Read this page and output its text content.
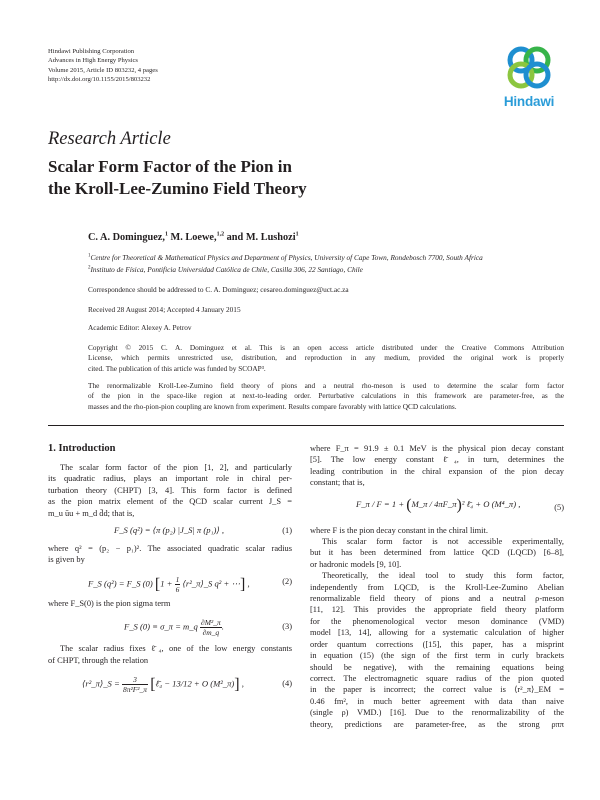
Hindawi Publishing Corporation
Advances in High Energy Physics
Volume 2015, Article ID 803232, 4 pages
http://dx.doi.org/10.1155/2015/803232
Hindawi
Research Article
Scalar Form Factor of the Pion in
the Kroll-Lee-Zumino Field Theory
C. A. Dominguez,$^1$ M. Loewe,$^{1,2}$ and M. Lushozi$^1$
$^1$Centre for Theoretical & Mathematical Physics and Department of Physics, University of Cape Town, Rondebosch 7700, South Africa
$^2$Instituto de Física, Pontificia Universidad Católica de Chile, Casilla 306, 22 Santiago, Chile
Correspondence should be addressed to C. A. Dominguez; cesareo.dominguez@uct.ac.za
Received 28 August 2014; Accepted 4 January 2015
Academic Editor: Alexey A. Petrov
Copyright © 2015 C. A. Dominguez et al. This is an open access article distributed under the Creative Commons Attribution
License, which permits unrestricted use, distribution, and reproduction in any medium, provided the original work is properly
cited. The publication of this article was funded by SCOAP³.
The renormalizable Kroll-Lee-Zumino field theory of pions and a neutral rho-meson is used to determine the scalar form factor
of the pion in the space-like region at next-to-leading order. Perturbative calculations in this framework are parameter-free, as the
masses and the rho-pion-pion coupling are known from experiment. Results compare favorably with lattice QCD calculations.
1. Introduction
The scalar form factor of the pion [1, 2], and particularly
its quadratic radius, plays an important role in chiral per-
turbation theory (CHPT) [3, 4]. This form factor is defined
as the pion matrix element of the QCD scalar current J_S =
m_u ūu + m_d d̄d; that is,
F_S (q²) = ⟨π (p₂) |J_S| π (p₁)⟩ ,	(1)
where q² = (p₂ − p₁)². The associated quadratic scalar radius
is given by
F_S (q²) = F_S (0) [$1 + \frac{1}{6}$ ⟨r²_π⟩_S q² + ⋯] ,	(2)
where F_S(0) is the pion sigma term
F_S (0) ≡ σ_π = m_q $\frac{\text{∂M²\_π}}{\partial m\_q}$ .	(3)
The scalar radius fixes ℓ̄₄, one of the low energy constants
of CHPT, through the relation
⟨r²_π⟩_S = $\frac{3}{\text{8π²F²\_π}}$ [ℓ̄₄ − 13/12 + O (M²_π)] ,	(4)
where F_π = 91.9 ± 0.1 MeV is the physical pion decay constant
[5]. The low energy constant ℓ̄₄, in turn, determines the
leading contribution in the chiral expansion of the pion decay
constant; that is,
F_π / F = 1 + (M_π / 4πF_π)² ℓ̄₄ + O (M⁴_π) ,	(5)
where F is the pion decay constant in the chiral limit.
This scalar form factor is not accessible experimentally,
but it has been determined from lattice QCD (LQCD) [6–8],
or hadronic models [9, 10].
Theoretically, the ideal tool to study this form factor,
independently from LQCD, is the Kroll-Lee-Zumino Abelian
renormalizable field theory of pions and a neutral ρ-meson
[11, 12]. This provides the appropriate field theory platform
for the phenomenological vector meson dominance (VMD)
model [13, 14], allowing for a systematic calculation of higher
order quantum corrections ([15], this paper, has a misprint
in equation (15) (the sign of the first term in curly brackets
should be negative), with the remaining equations being
correct. The electromagnetic square radius of the pion quoted
in the paper is incorrect; the correct value is ⟨r²_π⟩_EM =
0.46 fm², in much better agreement with data than naive
(single ρ) VMD.) [16]. Due to the renormalizability of the
theory, predictions are parameter-free, as the strong ρππ
